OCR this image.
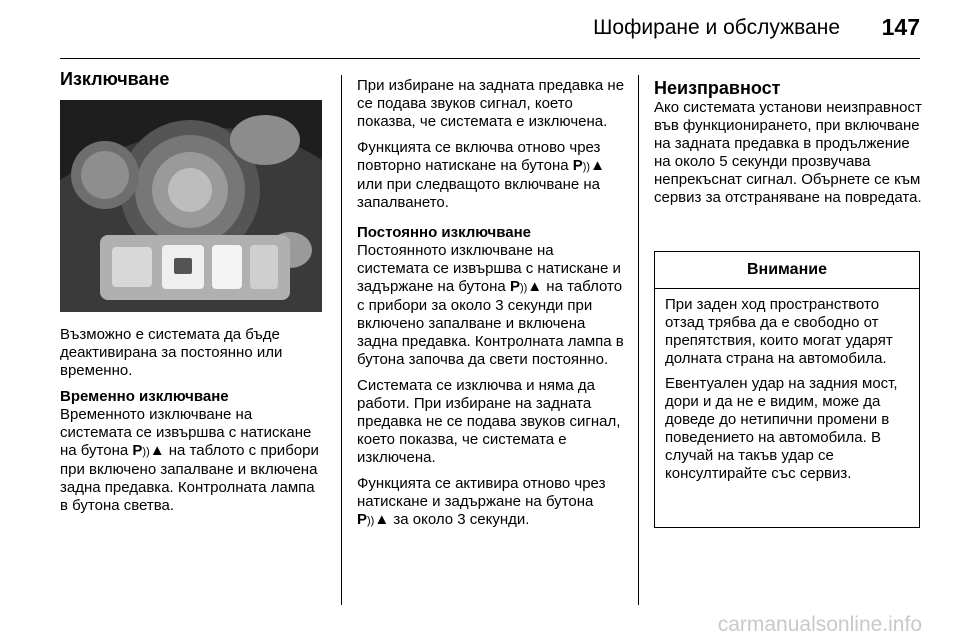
Шофиране и обслужване 147
Изключване

Възможно е системата да бъде деактивирана за постоянно или временно.

Временно изключване

Временното изключване на системата се извършва с натискане на бутона P))▲ на таблото с прибори при включено запалване и включена задна предавка. Контролната лампа в бутона светва.

При избиране на задната предавка не се подава звуков сигнал, което показва, че системата е изключена.

Функцията се включва отново чрез повторно натискане на бутона P))▲ или при следващото включване на запалването.

Постоянно изключване

Постоянното изключване на системата се извършва с натискане и задържане на бутона P))▲ на таблото с прибори за около 3 секунди при включено запалване и включена задна предавка. Контролната лампа в бутона започва да свети постоянно.

Системата се изключва и няма да работи. При избиране на задната предавка не се подава звуков сигнал, което показва, че системата е изключена.

Функцията се активира отново чрез натискане и задържане на бутона P))▲ за около 3 секунди.

Неизправност

Ако системата установи неизправност във функционирането, при включване на задната предавка в продължение на около 5 секунди прозвучава непрекъснат сигнал. Обърнете се към сервиз за отстраняване на повредата.

Внимание

При заден ход пространството отзад трябва да е свободно от препятствия, които могат ударят долната страна на автомобила.

Евентуален удар на задния мост, дори и да не е видим, може да доведе до нетипични промени в поведението на автомобила. В случай на такъв удар се консултирайте със сервиз.

carmanualsonline.info
